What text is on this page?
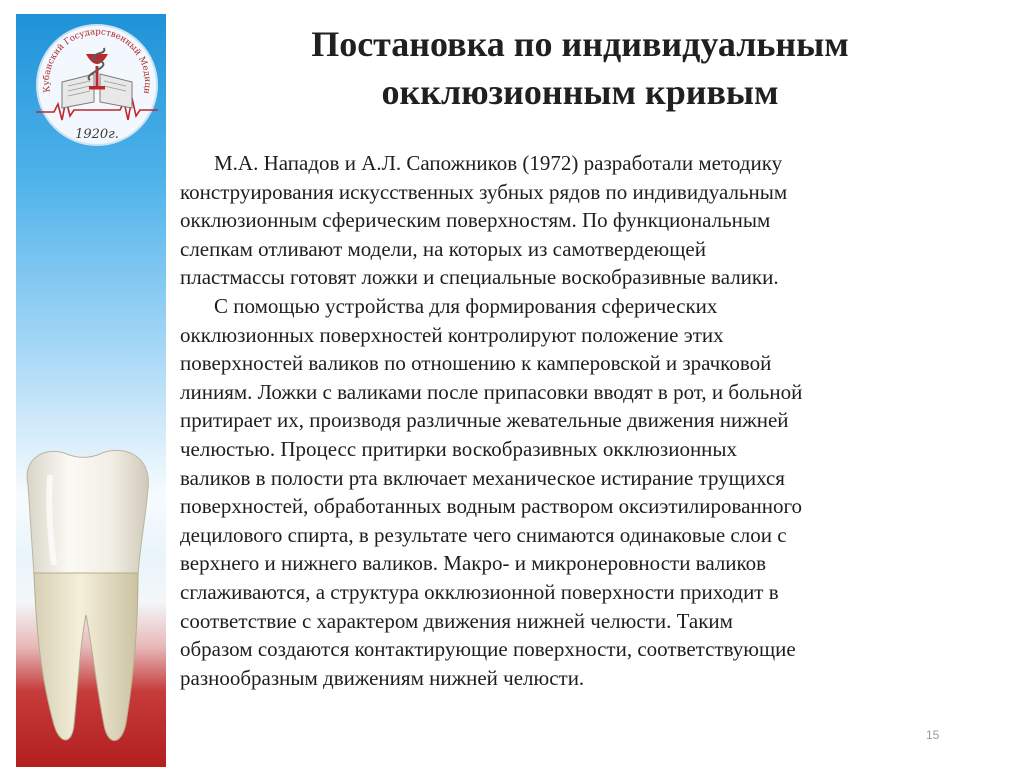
Кубанский Государственный Медици
1920г.
Постановка по индивидуальным
окклюзионным кривым
М.А. Нападов и А.Л. Сапожников (1972) разработали методику
конструирования искусственных зубных рядов по индивидуальным
окклюзионным сферическим поверхностям. По функциональным
слепкам отливают модели, на которых из самотвердеющей
пластмассы готовят ложки и специальные воскобразивные валики.
С помощью устройства для формирования сферических
окклюзионных поверхностей контролируют положение этих
поверхностей валиков по отношению к камперовской и зрачковой
линиям. Ложки с валиками после припасовки вводят в рот, и больной
притирает их, производя различные жевательные движения нижней
челюстью. Процесс притирки воскобразивных окклюзионных
валиков в полости рта включает механическое истирание трущихся
поверхностей, обработанных водным раствором оксиэтилированного
децилового спирта, в результате чего снимаются одинаковые слои с
верхнего и нижнего валиков. Макро- и микронеровности валиков
сглаживаются, а структура окклюзионной поверхности приходит в
соответствие с характером движения нижней челюсти. Таким
образом создаются контактирующие поверхности, соответствующие
разнообразным движениям нижней челюсти.
15
